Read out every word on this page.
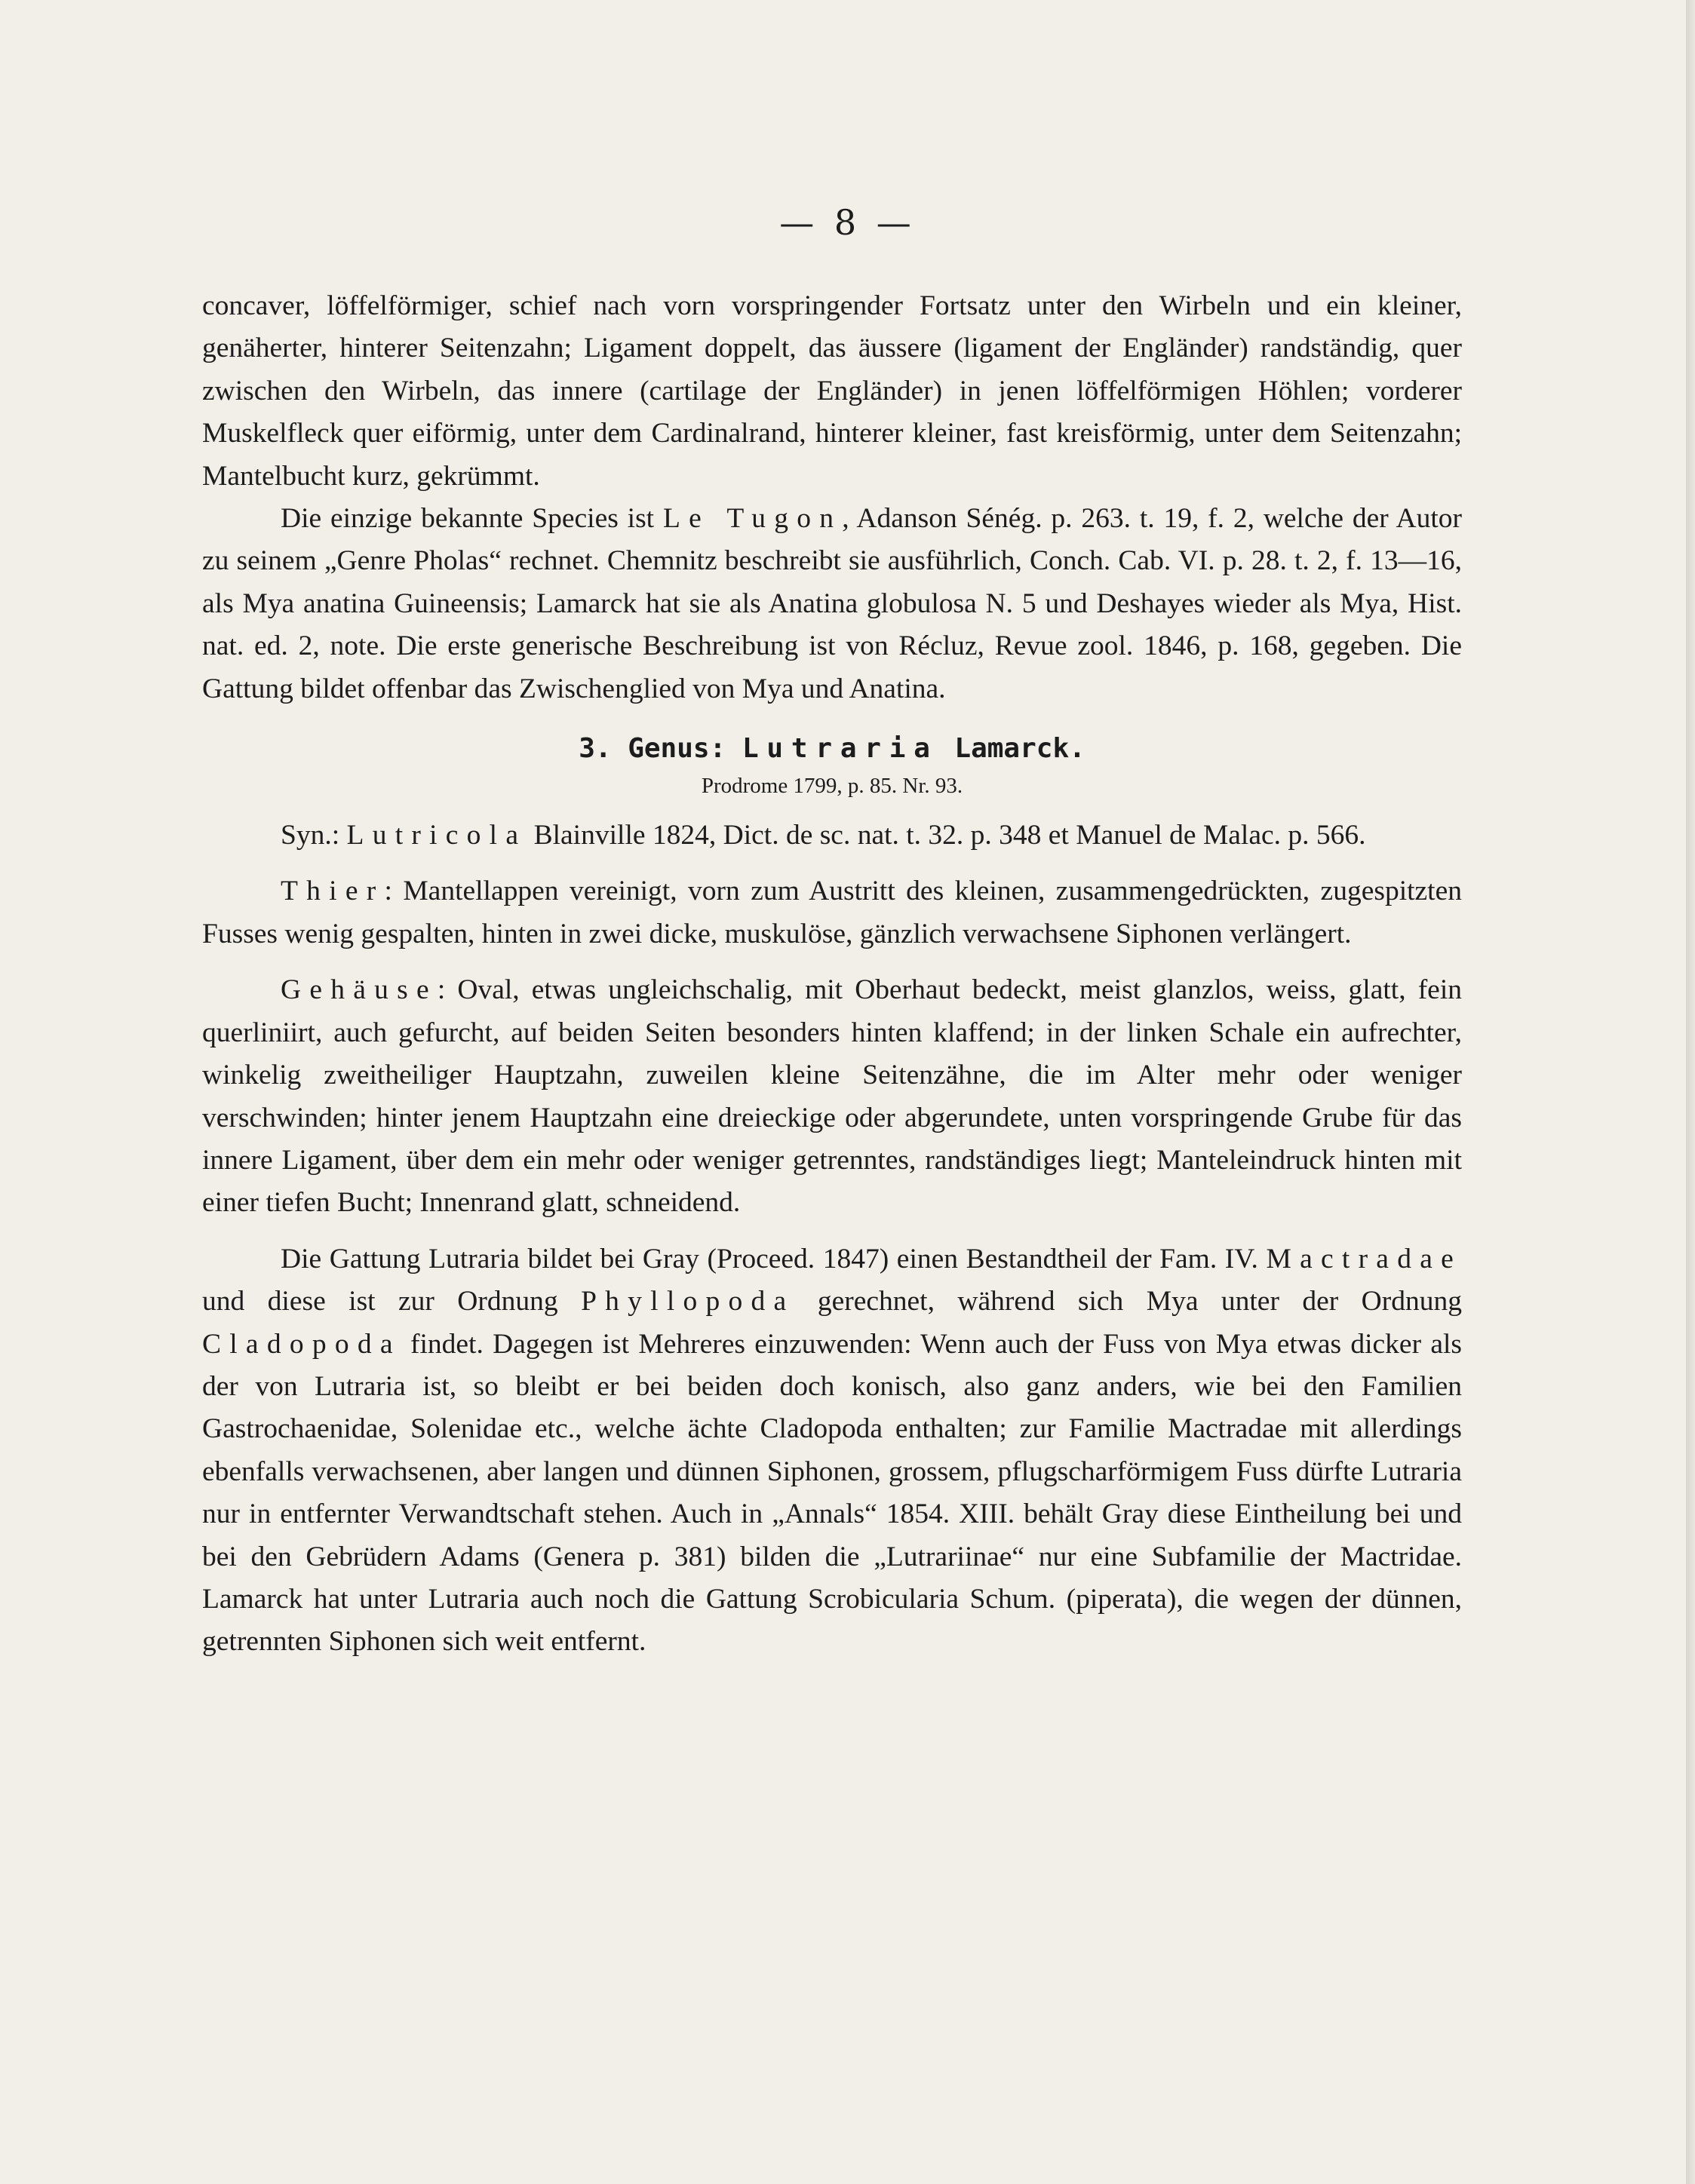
— 8 —

concaver, löffelförmiger, schief nach vorn vorspringender Fortsatz unter den Wirbeln und ein kleiner, genäherter, hinterer Seitenzahn; Ligament doppelt, das äussere (ligament der Engländer) randständig, quer zwischen den Wirbeln, das innere (cartilage der Engländer) in jenen löffelförmigen Höhlen; vorderer Muskelfleck quer eiförmig, unter dem Cardinalrand, hinterer kleiner, fast kreisförmig, unter dem Seitenzahn; Mantelbucht kurz, gekrümmt.

Die einzige bekannte Species ist Le Tugon, Adanson Sénég. p. 263. t. 19, f. 2, welche der Autor zu seinem „Genre Pholas“ rechnet. Chemnitz beschreibt sie ausführlich, Conch. Cab. VI. p. 28. t. 2, f. 13—16, als Mya anatina Guineensis; Lamarck hat sie als Anatina globulosa N. 5 und Deshayes wieder als Mya, Hist. nat. ed. 2, note. Die erste generische Beschreibung ist von Récluz, Revue zool. 1846, p. 168, gegeben. Die Gattung bildet offenbar das Zwischenglied von Mya und Anatina.

3. Genus: Lutraria Lamarck.
Prodrome 1799, p. 85. Nr. 93.

Syn.: Lutricola Blainville 1824, Dict. de sc. nat. t. 32. p. 348 et Manuel de Malac. p. 566.

Thier: Mantellappen vereinigt, vorn zum Austritt des kleinen, zusammengedrückten, zugespitzten Fusses wenig gespalten, hinten in zwei dicke, muskulöse, gänzlich verwachsene Siphonen verlängert.

Gehäuse: Oval, etwas ungleichschalig, mit Oberhaut bedeckt, meist glanzlos, weiss, glatt, fein querliniirt, auch gefurcht, auf beiden Seiten besonders hinten klaffend; in der linken Schale ein aufrechter, winkelig zweitheiliger Hauptzahn, zuweilen kleine Seitenzähne, die im Alter mehr oder weniger verschwinden; hinter jenem Hauptzahn eine dreieckige oder abgerundete, unten vorspringende Grube für das innere Ligament, über dem ein mehr oder weniger getrenntes, randständiges liegt; Manteleindruck hinten mit einer tiefen Bucht; Innenrand glatt, schneidend.

Die Gattung Lutraria bildet bei Gray (Proceed. 1847) einen Bestandtheil der Fam. IV. Mactradae und diese ist zur Ordnung Phyllopoda gerechnet, während sich Mya unter der Ordnung Cladopoda findet. Dagegen ist Mehreres einzuwenden: Wenn auch der Fuss von Mya etwas dicker als der von Lutraria ist, so bleibt er bei beiden doch konisch, also ganz anders, wie bei den Familien Gastrochaenidae, Solenidae etc., welche ächte Cladopoda enthalten; zur Familie Mactradae mit allerdings ebenfalls verwachsenen, aber langen und dünnen Siphonen, grossem, pflugscharförmigem Fuss dürfte Lutraria nur in entfernter Verwandtschaft stehen. Auch in „Annals“ 1854. XIII. behält Gray diese Eintheilung bei und bei den Gebrüdern Adams (Genera p. 381) bilden die „Lutrariinae“ nur eine Subfamilie der Mactridae. Lamarck hat unter Lutraria auch noch die Gattung Scrobicularia Schum. (piperata), die wegen der dünnen, getrennten Siphonen sich weit entfernt.
